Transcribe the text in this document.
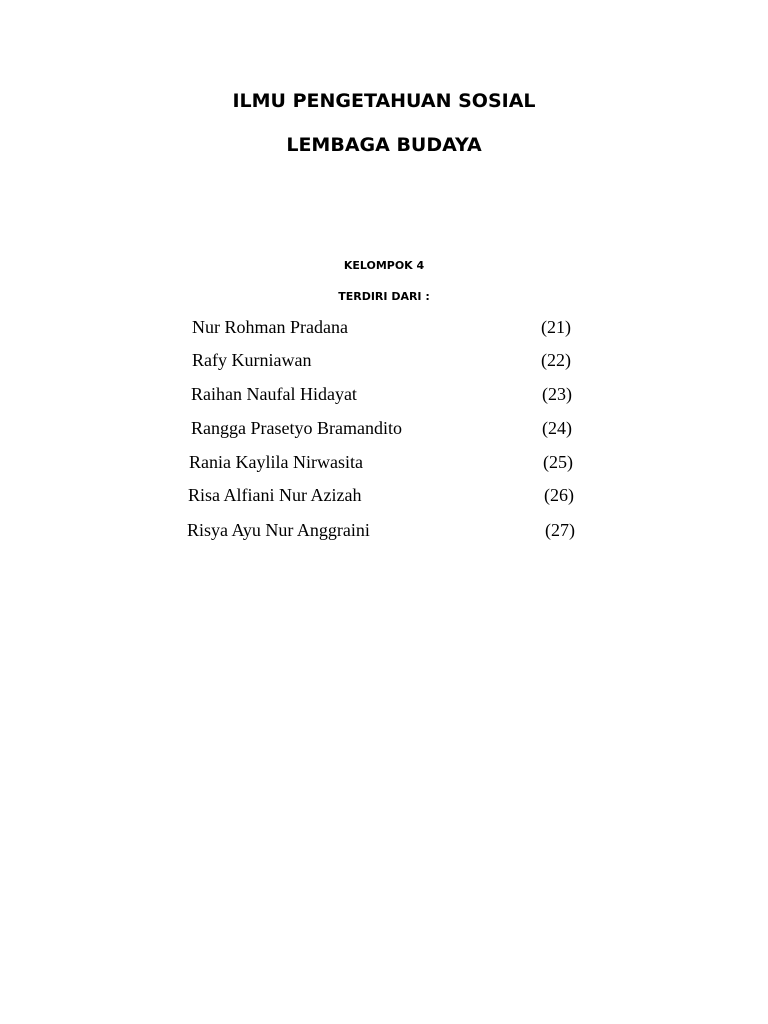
ILMU PENGETAHUAN SOSIAL
LEMBAGA BUDAYA
KELOMPOK 4
TERDIRI DARI :
Nur Rohman Pradana	(21)
Rafy Kurniawan	(22)
Raihan Naufal Hidayat	(23)
Rangga Prasetyo Bramandito	(24)
Rania Kaylila Nirwasita	(25)
Risa Alfiani Nur Azizah	(26)
Risya Ayu Nur Anggraini	(27)
